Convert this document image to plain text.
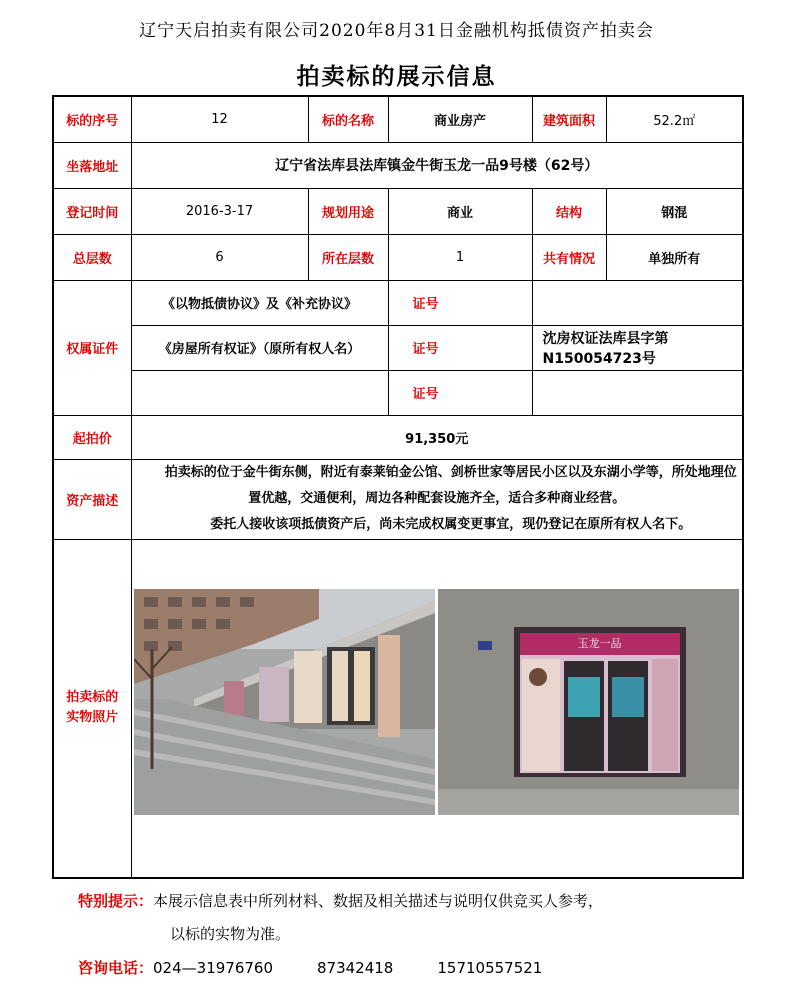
辽宁天启拍卖有限公司2020年8月31日金融机构抵债资产拍卖会
拍卖标的展示信息
标的序号	12	标的名称	商业房产	建筑面积	52.2㎡
坐落地址	辽宁省法库县法库镇金牛街玉龙一品9号楼（62号）				
登记时间	2016-3-17	规划用途	商业	结构	钢混
总层数	6	所在层数	1	共有情况	单独所有
权属证件	《以物抵债协议》及《补充协议》		证号		
	《房屋所有权证》（原所有权人名）		证号	沈房权证法库县字第N150054723号	
			证号		
起拍价	91,350元				
资产描述	拍卖标的位于金牛街东侧，附近有泰莱铂金公馆、剑桥世家等居民小区以及东湖小学等，所处地理位置优越，交通便利，周边各种配套设施齐全，适合多种商业经营。
委托人接收该项抵债资产后，尚未完成权属变更事宜，现仍登记在原所有权人名下。				

拍卖标的实物照片	玉龙一品				
特别提示：本展示信息表中所列材料、数据及相关描述与说明仅供竞买人参考，
以标的实物为准。
咨询电话：024—31976760	87342418	15710557521
